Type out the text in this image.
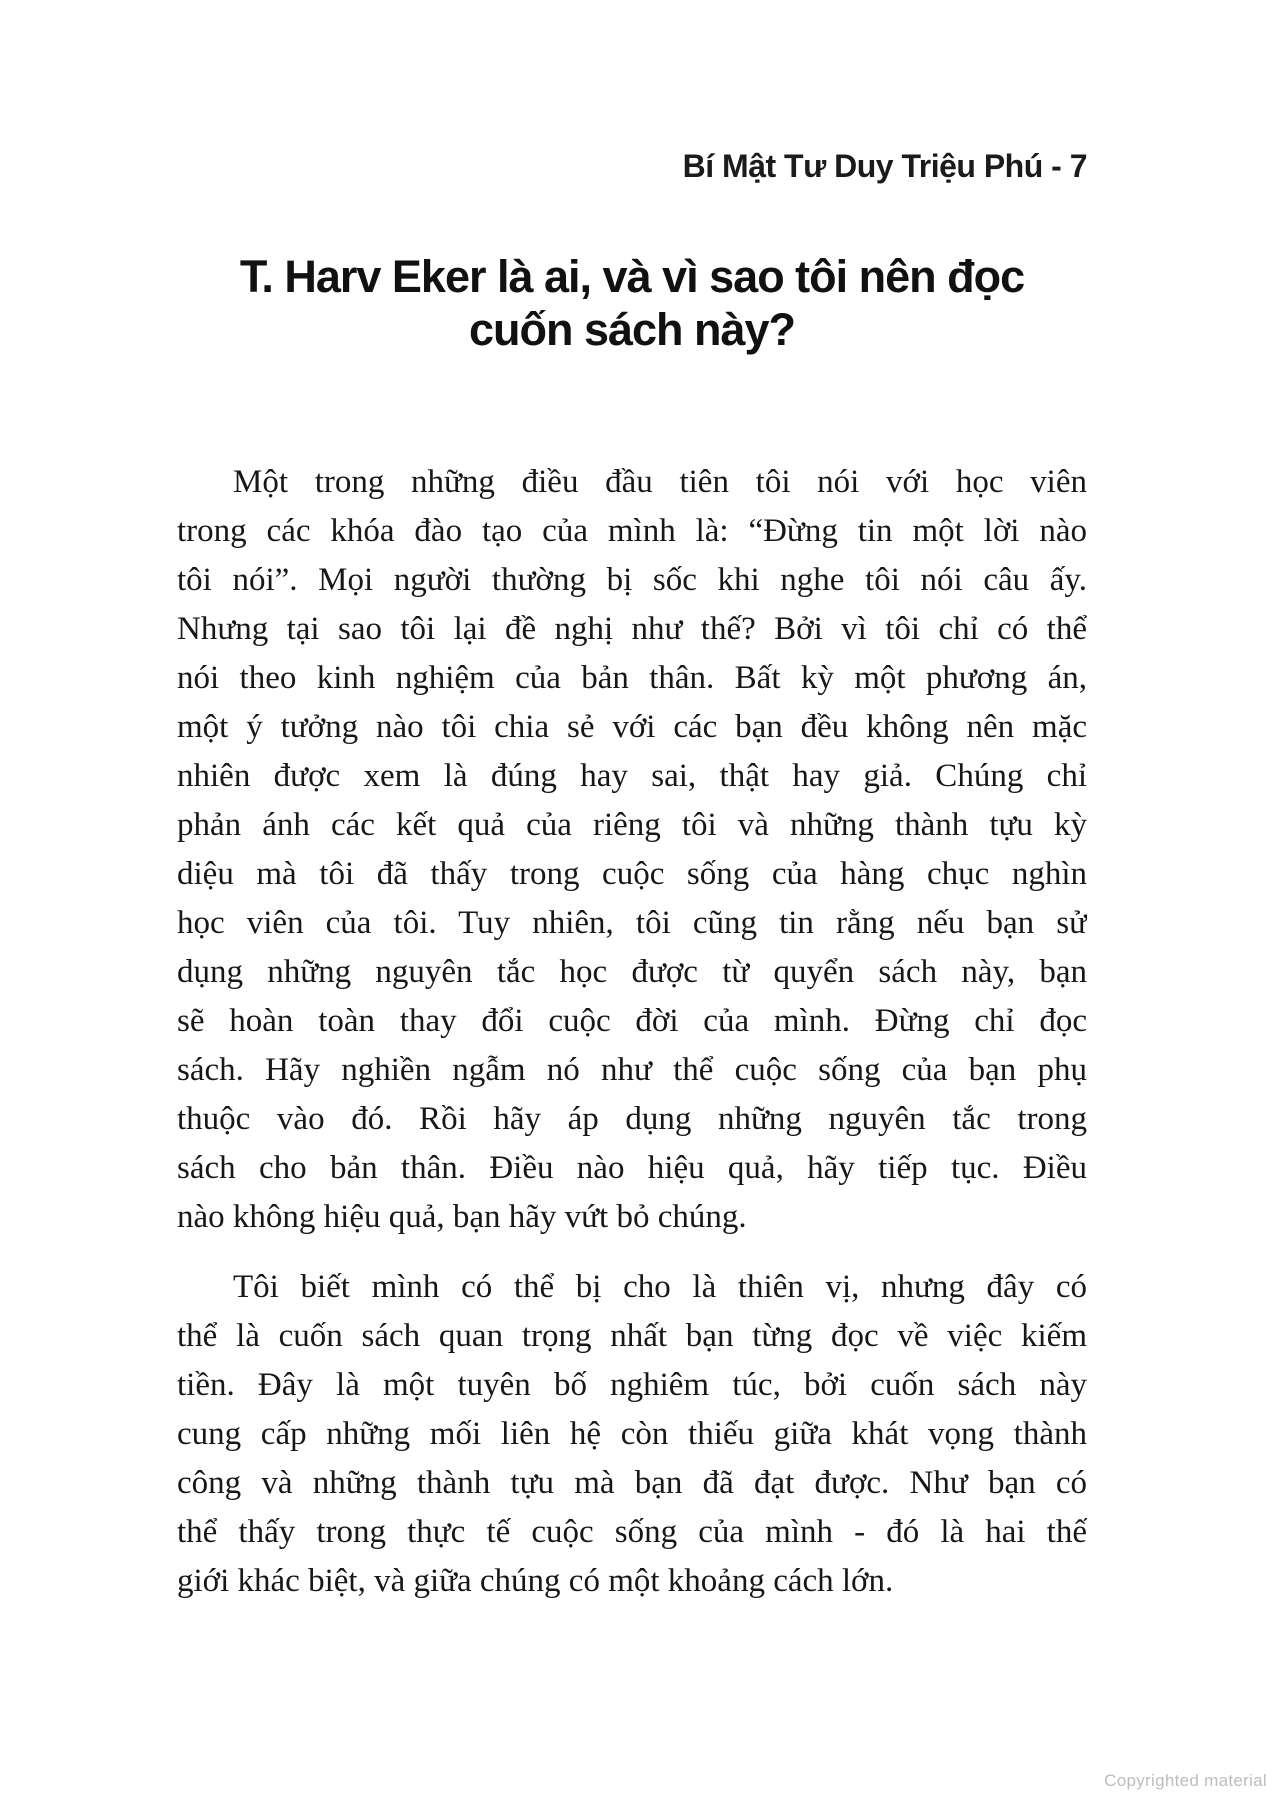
Bí Mật Tư Duy Triệu Phú - 7
T. Harv Eker là ai, và vì sao tôi nên đọc
cuốn sách này?
Một trong những điều đầu tiên tôi nói với học viên
trong các khóa đào tạo của mình là: “Đừng tin một lời nào
tôi nói”. Mọi người thường bị sốc khi nghe tôi nói câu ấy.
Nhưng tại sao tôi lại đề nghị như thế? Bởi vì tôi chỉ có thể
nói theo kinh nghiệm của bản thân. Bất kỳ một phương án,
một ý tưởng nào tôi chia sẻ với các bạn đều không nên mặc
nhiên được xem là đúng hay sai, thật hay giả. Chúng chỉ
phản ánh các kết quả của riêng tôi và những thành tựu kỳ
diệu mà tôi đã thấy trong cuộc sống của hàng chục nghìn
học viên của tôi. Tuy nhiên, tôi cũng tin rằng nếu bạn sử
dụng những nguyên tắc học được từ quyển sách này, bạn
sẽ hoàn toàn thay đổi cuộc đời của mình. Đừng chỉ đọc
sách. Hãy nghiền ngẫm nó như thể cuộc sống của bạn phụ
thuộc vào đó. Rồi hãy áp dụng những nguyên tắc trong
sách cho bản thân. Điều nào hiệu quả, hãy tiếp tục. Điều
nào không hiệu quả, bạn hãy vứt bỏ chúng.
Tôi biết mình có thể bị cho là thiên vị, nhưng đây có
thể là cuốn sách quan trọng nhất bạn từng đọc về việc kiếm
tiền. Đây là một tuyên bố nghiêm túc, bởi cuốn sách này
cung cấp những mối liên hệ còn thiếu giữa khát vọng thành
công và những thành tựu mà bạn đã đạt được. Như bạn có
thể thấy trong thực tế cuộc sống của mình - đó là hai thế
giới khác biệt, và giữa chúng có một khoảng cách lớn.
Copyrighted material
